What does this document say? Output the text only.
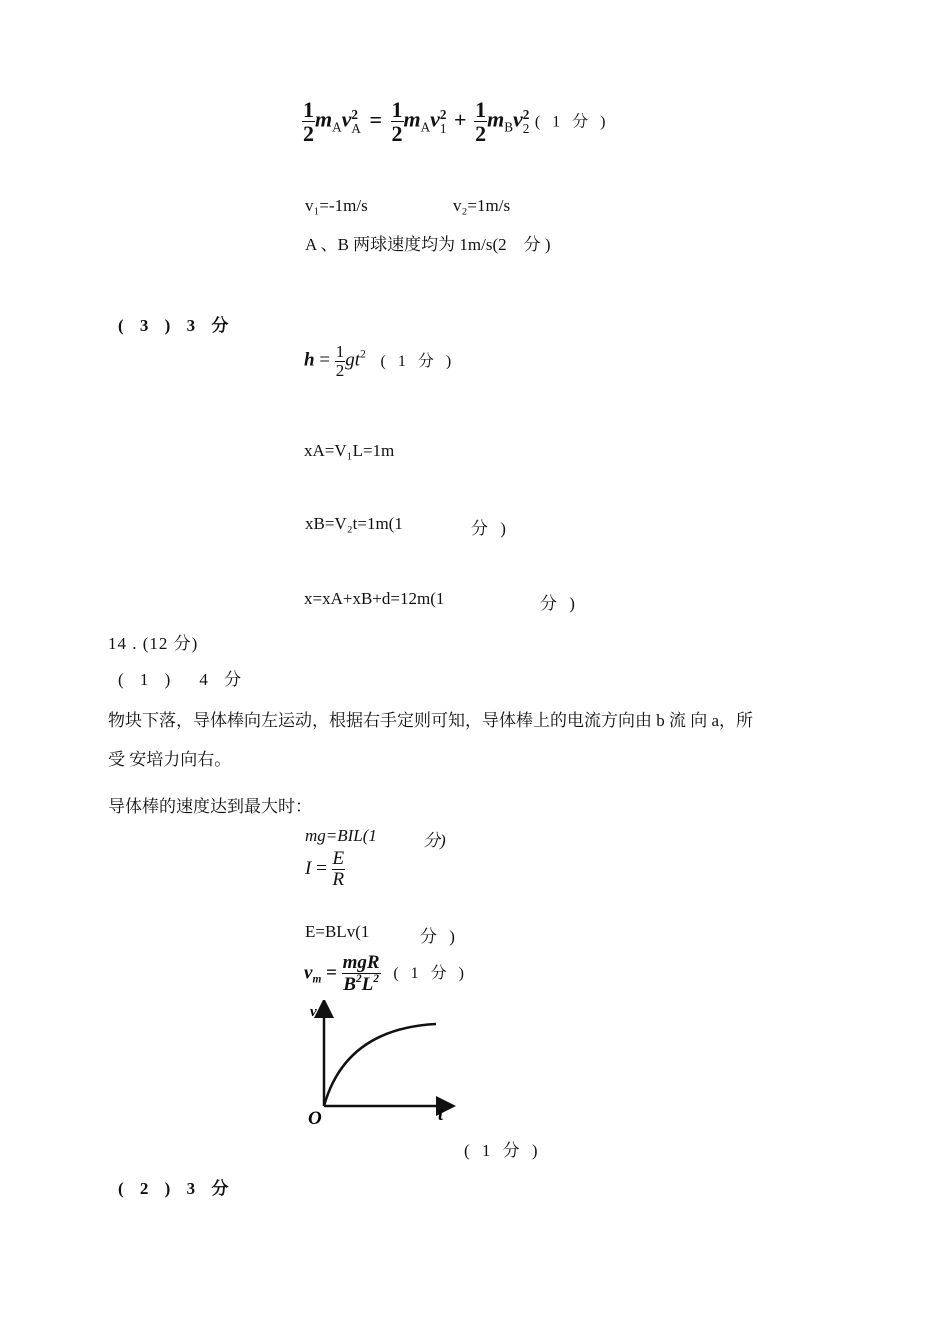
$\frac{1}{2} m_Av$ 2
$A = \frac{1}{2} m_Av$ 2
$1 + \frac{1}{2} m_Bv$ 2
2 ( 1 分 )
v₁=-1m/s	v₂=1m/s
A 、B 两球速度均为 1m/s(2　分 )
( 3 ) 3 分
$h = \frac{1}{2} gt^2$ ( 1 分 )
xA=V₁L=1m
xB=V₂t=1m(1	分 )
x=xA+xB+d=12m(1	分 )
14 . (12 分)
( 1 )　4 分
物块下落，导体棒向左运动，根据右手定则可知，导体棒上的电流方向由 b 流 向 a，所
受 安培力向右。
导体棒的速度达到最大时：
mg=BIL(1	分)
$I = \frac{E}{R}$
E=BLv(1	分 )
$v_m = \frac{\text{mgR}}{B^2L^2}$ ( 1 分 )
v
t
O
( 1 分 )
( 2 ) 3 分
